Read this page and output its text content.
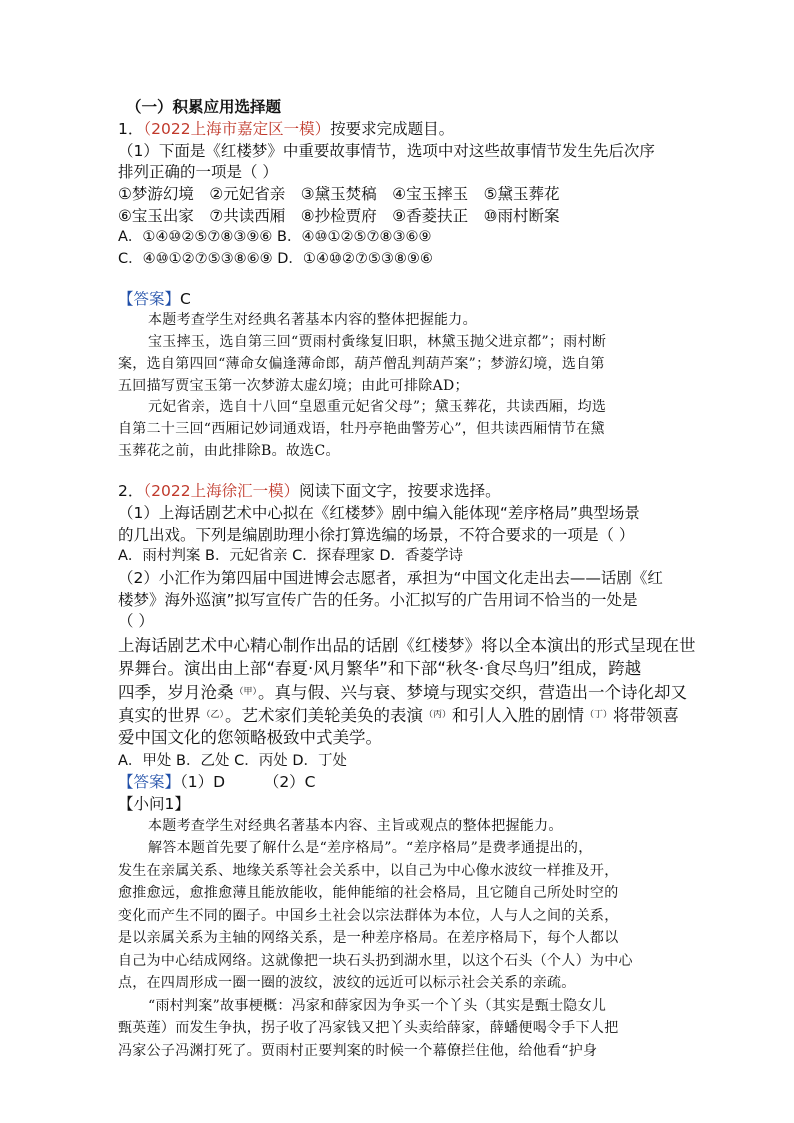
（一）积累应用选择题
1．（2022上海市嘉定区一模）按要求完成题目。
（1）下面是《红楼梦》中重要故事情节，选项中对这些故事情节发生先后次序
排列正确的一项是（ ）
①梦游幻境　②元妃省亲　③黛玉焚稿　④宝玉摔玉　⑤黛玉葬花
⑥宝玉出家　⑦共读西厢　⑧抄检贾府　⑨香菱扶正　⑩雨村断案
A．①④⑩②⑤⑦⑧③⑨⑥ B．④⑩①②⑤⑦⑧③⑥⑨
C．④⑩①②⑦⑤③⑧⑥⑨ D．①④⑩②⑦⑤③⑧⑨⑥
【答案】C
本题考查学生对经典名著基本内容的整体把握能力。
宝玉摔玉，选自第三回“贾雨村夤缘复旧职，林黛玉抛父进京都”；雨村断
案，选自第四回“薄命女偏逢薄命郎，葫芦僧乱判葫芦案”；梦游幻境，选自第
五回描写贾宝玉第一次梦游太虚幻境；由此可排除AD；
元妃省亲，选自十八回“皇恩重元妃省父母”；黛玉葬花，共读西厢，均选
自第二十三回“西厢记妙词通戏语，牡丹亭艳曲警芳心”，但共读西厢情节在黛
玉葬花之前，由此排除B。故选C。
2．（2022上海徐汇一模）阅读下面文字，按要求选择。
（1）上海话剧艺术中心拟在《红楼梦》剧中编入能体现“差序格局”典型场景
的几出戏。下列是编剧助理小徐打算选编的场景，不符合要求的一项是（ ）
A．雨村判案 B．元妃省亲 C．探春理家 D．香菱学诗
（2）小汇作为第四届中国进博会志愿者，承担为“中国文化走出去——话剧《红
楼梦》海外巡演”拟写宣传广告的任务。小汇拟写的广告用词不恰当的一处是
（ ）
上海话剧艺术中心精心制作出品的话剧《红楼梦》将以全本演出的形式呈现在世
界舞台。演出由上部“春夏·风月繁华”和下部“秋冬·食尽鸟归”组成，跨越
四季，岁月沧桑$^{(甲)}$。真与假、兴与衰、梦境与现实交织，营造出一个诗化却又
真实的世界$^{(乙)}$。艺术家们美轮美奂的表演$^{(丙)}$和引人入胜的剧情$^{(丁)}$将带领喜
爱中国文化的您领略极致中式美学。
A．甲处 B．乙处 C．丙处 D．丁处
【答案】（1）D　　　（2）C
【小问1】
本题考查学生对经典名著基本内容、主旨或观点的整体把握能力。
解答本题首先要了解什么是“差序格局”。“差序格局”是费孝通提出的，
发生在亲属关系、地缘关系等社会关系中，以自己为中心像水波纹一样推及开，
愈推愈远，愈推愈薄且能放能收，能伸能缩的社会格局，且它随自己所处时空的
变化而产生不同的圈子。中国乡土社会以宗法群体为本位，人与人之间的关系，
是以亲属关系为主轴的网络关系，是一种差序格局。在差序格局下，每个人都以
自己为中心结成网络。这就像把一块石头扔到湖水里，以这个石头（个人）为中心
点，在四周形成一圈一圈的波纹，波纹的远近可以标示社会关系的亲疏。
“雨村判案”故事梗概：冯家和薛家因为争买一个丫头（其实是甄士隐女儿
甄英莲）而发生争执，拐子收了冯家钱又把丫头卖给薛家，薛蟠便喝令手下人把
冯家公子冯渊打死了。贾雨村正要判案的时候一个幕僚拦住他，给他看“护身
